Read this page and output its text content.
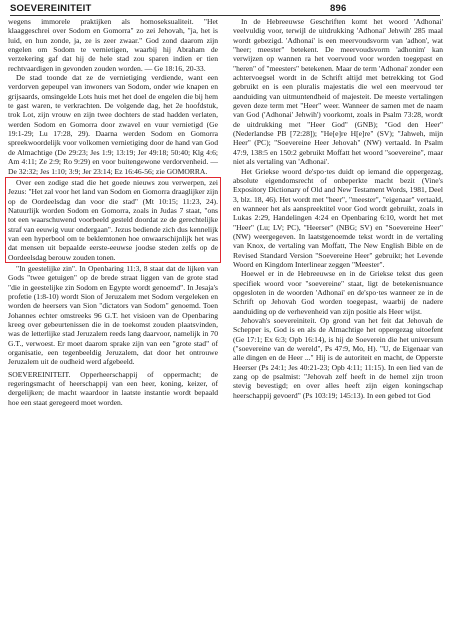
SOEVEREINITEIT	896

wegens immorele praktijken als homoseksualiteit. "Het klaaggeschrei over Sodom en Gomorra" zo zei Jehovah, "ja, het is luid, en hun zonde, ja, ze is zeer zwaar." God zond daarom zijn engelen om Sodom te vernietigen, waarbij hij Abraham de verzekering gaf dat hij de hele stad zou sparen indien er tien rechtvaardigen in gevonden zouden worden. — Ge 18:16, 20-33.

De stad toonde dat ze de vernietiging verdiende, want een verdorven gepeupel van inwoners van Sodom, onder wie knapen en grijsaards, omsingelde Lots huis met het doel de engelen die bij hem te gast waren, te verkrachten. De volgende dag, het 2e hoofdstuk, trok Lot, zijn vrouw en zijn twee dochters de stad hadden verlaten, werden Sodom en Gomorra door zwavel en vuur vernietigd (Ge 19:1-29; Lu 17:28, 29). Daarna werden Sodom en Gomorra spreekwoordelijk voor volkomen vernietiging door de hand van God de Almachtige (De 29:23; Jes 1:9; 13:19; Jer 49:18; 50:40; Klg 4:6; Am 4:11; Ze 2:9; Ro 9:29) en voor buitengewone verdorvenheid. — De 32:32; Jes 1:10; 3:9; Jer 23:14; Ez 16:46-56; zie GOMORRA.

Over een zodige stad die het goede nieuws zou verwerpen, zei Jezus: "Het zal voor het land van Sodom en Gomorra draaglijker zijn op de Oordeelsdag dan voor die stad" (Mt 10:15; 11:23, 24). Natuurlijk worden Sodom en Gomorra, zoals in Judas 7 staat, "ons tot een waarschuwend voorbeeld gesteld doordat ze de gerechtelijke straf van eeuwig vuur ondergaan". Jezus bediende zich dus kennelijk van een hyperbool om te beklemtonen hoe onwaarschijnlijk het was dat mensen uit bepaalde eerste-eeuwse joodse steden zelfs op de Oordeelsdag berouw zouden tonen.

"In geestelijke zin". In Openbaring 11:3, 8 staat dat de lijken van Gods "twee getuigen" op de brede straat liggen van de grote stad "die in geestelijke zin Sodom en Egypte wordt genoemd". In Jesaja's profetie (1:8-10) wordt Sion of Jeruzalem met Sodom vergeleken en worden de heersers van Sion "dictators van Sodom" genoemd. Toen Johannes echter omstreeks 96 G.T. het visioen van de Openbaring kreeg over gebeurtenissen die in de toekomst zouden plaatsvinden, was de letterlijke stad Jeruzalem reeds lang daarvoor, namelijk in 70 G.T., verwoest. Er moet daarom sprake zijn van een "grote stad" of organisatie, een tegenbeeldig Jeruzalem, dat door het ontrouwe Jeruzalem uit de oudheid werd afgebeeld.

SOEVEREINITEIT. Opperheerschappij of oppermacht; de regeringsmacht of heerschappij van een heer, koning, keizer, of dergelijken; de macht waardoor in laatste instantie wordt bepaald hoe een staat geregeerd moet worden.

In de Hebreeuwse Geschriften komt het woord 'Adhonai' veelvuldig voor, terwijl de uitdrukking 'Adhonai' Jehwih' 285 maal wordt gebezigd. 'Adhonai' is een meervoudsvorm van 'adhon', wat "heer; meester" betekent. De meervoudsvorm 'adhonim' kan verwijzen op wannen ra het voervoud voor worden toegepast en "heren" of "meesters" betekenen. Maar de term 'Adhonai' zonder een achtervoegsel wordt in de Schrift altijd met betrekking tot God gebruikt en is een pluralis majestatis die wel een meervoud ter aanduiding van uitmuntendheid of majesteit. De meeste vertalingen geven deze term met "Heer" weer. Wanneer de samen met de naam van God ('Adhonai' Jehwih') voorkomt, zoals in Psalm 73:28, wordt de uitdrukking met "Heer God" (GNB); "God den Heer" (Nederlandse PB [72:28]); "He[e]re H[e]re" (SV); "Jahweh, mijn Heer" (PC); "Soevereine Heer Jehovah" (NW) vertaald. In Psalm 47:9, 138:5 en 150:2 gebruikt Moffatt het woord "soevereine", maar niet als vertaling van 'Adhonai'.

Het Griekse woord de'spo·tes duidt op iemand die oppergezag, absolute eigendomsrecht of onbeperkte macht bezit (Vine's Expository Dictionary of Old and New Testament Words, 1981, Deel 3, blz. 18, 46). Het wordt met "heer", "meester", "eigenaar" vertaald, en wanneer het als aanspreektitel voor God wordt gebruikt, zoals in Lukas 2:29, Handelingen 4:24 en Openbaring 6:10, wordt het met "Heer" (Lu; LV; PC), "Heerser" (NBG; SV) en "Soevereine Heer" (NW) weergegeven. In laatstgenoemde tekst wordt in de vertaling van Knox, de vertaling van Moffatt, The New English Bible en de Revised Standard Version "Soevereine Heer" gebruikt; het Levende Woord en Kingdom Interlinear zeggen "Meester".

Hoewel er in de Hebreeuwse en in de Griekse tekst dus geen specifiek woord voor "soevereine" staat, ligt de betekenisnuance opgesloten in de woorden 'Adhonai' en de'spo·tes wanneer ze in de Schrift op Jehovah God worden toegepast, waarbij de nadere aanduiding op de verhevenheid van zijn positie als Heer wijst.

Jehovah's soevereiniteit. Op grond van het feit dat Jehovah de Schepper is, God is en als de Almachtige het oppergezag uitoefent (Ge 17:1; Ex 6:3; Opb 16:14), is hij de Soeverein die het universum ("soevereine van de wereld", Ps 47:9, Mo, H). "U, de Eigenaar van alle dingen en de Heer ..." Hij is de autoriteit en macht, de Opperste Heerser (Ps 24:1; Jes 40:21-23; Opb 4:11; 11:15). In een lied van de zang op de psalmist: "Jehovah zelf heeft in de hemel zijn troon stevig bevestigd; en over alles heeft zijn eigen koningschap heerschappij gevoerd" (Ps 103:19; 145:13). In een gebed tot God
